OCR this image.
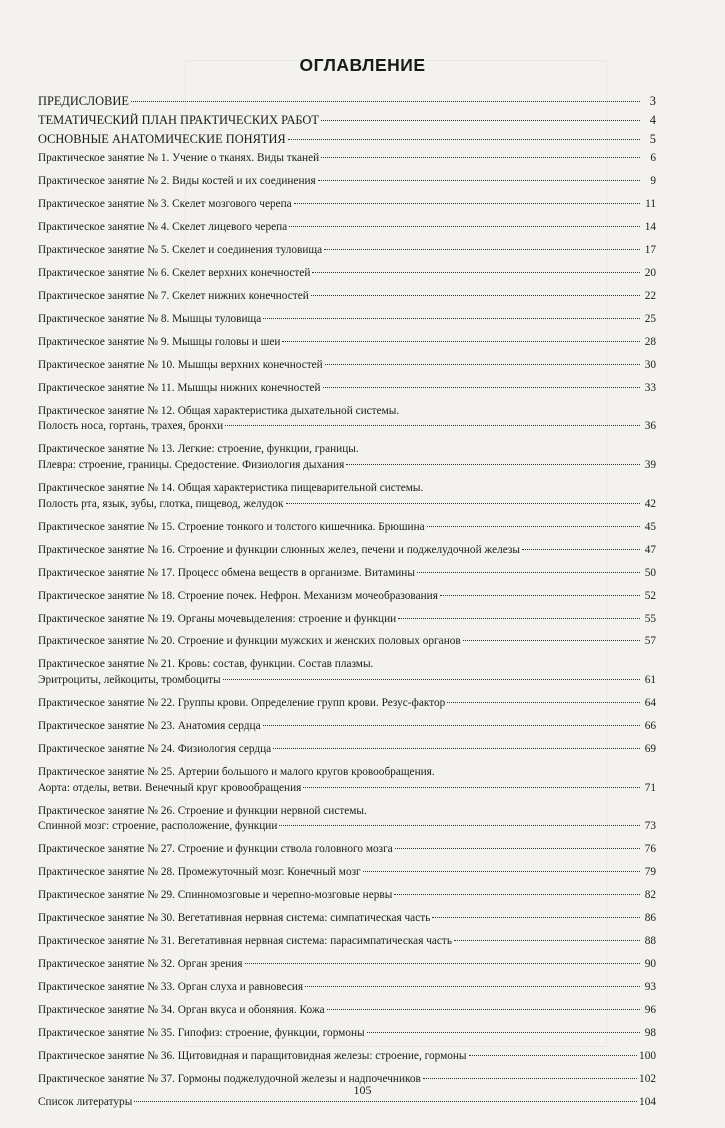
ОГЛАВЛЕНИЕ
ПРЕДИСЛОВИЕ	3
ТЕМАТИЧЕСКИЙ ПЛАН ПРАКТИЧЕСКИХ РАБОТ	4
ОСНОВНЫЕ АНАТОМИЧЕСКИЕ ПОНЯТИЯ	5
Практическое занятие № 1. Учение о тканях. Виды тканей	6
Практическое занятие № 2. Виды костей и их соединения	9
Практическое занятие № 3. Скелет мозгового черепа	11
Практическое занятие № 4. Скелет лицевого черепа	14
Практическое занятие № 5. Скелет и соединения туловища	17
Практическое занятие № 6. Скелет верхних конечностей	20
Практическое занятие № 7. Скелет нижних конечностей	22
Практическое занятие № 8. Мышцы туловища	25
Практическое занятие № 9. Мышцы головы и шеи	28
Практическое занятие № 10. Мышцы верхних конечностей	30
Практическое занятие № 11. Мышцы нижних конечностей	33
Практическое занятие № 12. Общая характеристика дыхательной системы.
Полость носа, гортань, трахея, бронхи	36
Практическое занятие № 13. Легкие: строение, функции, границы.
Плевра: строение, границы. Средостение. Физиология дыхания	39
Практическое занятие № 14. Общая характеристика пищеварительной системы.
Полость рта, язык, зубы, глотка, пищевод, желудок	42
Практическое занятие № 15. Строение тонкого и толстого кишечника. Брюшина	45
Практическое занятие № 16. Строение и функции слюнных желез, печени и поджелудочной железы	47
Практическое занятие № 17. Процесс обмена веществ в организме. Витамины	50
Практическое занятие № 18. Строение почек. Нефрон. Механизм мочеобразования	52
Практическое занятие № 19. Органы мочевыделения: строение и функции	55
Практическое занятие № 20. Строение и функции мужских и женских половых органов	57
Практическое занятие № 21. Кровь: состав, функции. Состав плазмы.
Эритроциты, лейкоциты, тромбоциты	61
Практическое занятие № 22. Группы крови. Определение групп крови. Резус-фактор	64
Практическое занятие № 23. Анатомия сердца	66
Практическое занятие № 24. Физиология сердца	69
Практическое занятие № 25. Артерии большого и малого кругов кровообращения.
Аорта: отделы, ветви. Венечный круг кровообращения	71
Практическое занятие № 26. Строение и функции нервной системы.
Спинной мозг: строение, расположение, функции	73
Практическое занятие № 27. Строение и функции ствола головного мозга	76
Практическое занятие № 28. Промежуточный мозг. Конечный мозг	79
Практическое занятие № 29. Спинномозговые и черепно-мозговые нервы	82
Практическое занятие № 30. Вегетативная нервная система: симпатическая часть	86
Практическое занятие № 31. Вегетативная нервная система: парасимпатическая часть	88
Практическое занятие № 32. Орган зрения	90
Практическое занятие № 33. Орган слуха и равновесия	93
Практическое занятие № 34. Орган вкуса и обоняния. Кожа	96
Практическое занятие № 35. Гипофиз: строение, функции, гормоны	98
Практическое занятие № 36. Щитовидная и паращитовидная железы: строение, гормоны	100
Практическое занятие № 37. Гормоны поджелудочной железы и надпочечников	102
Список литературы	104
105
